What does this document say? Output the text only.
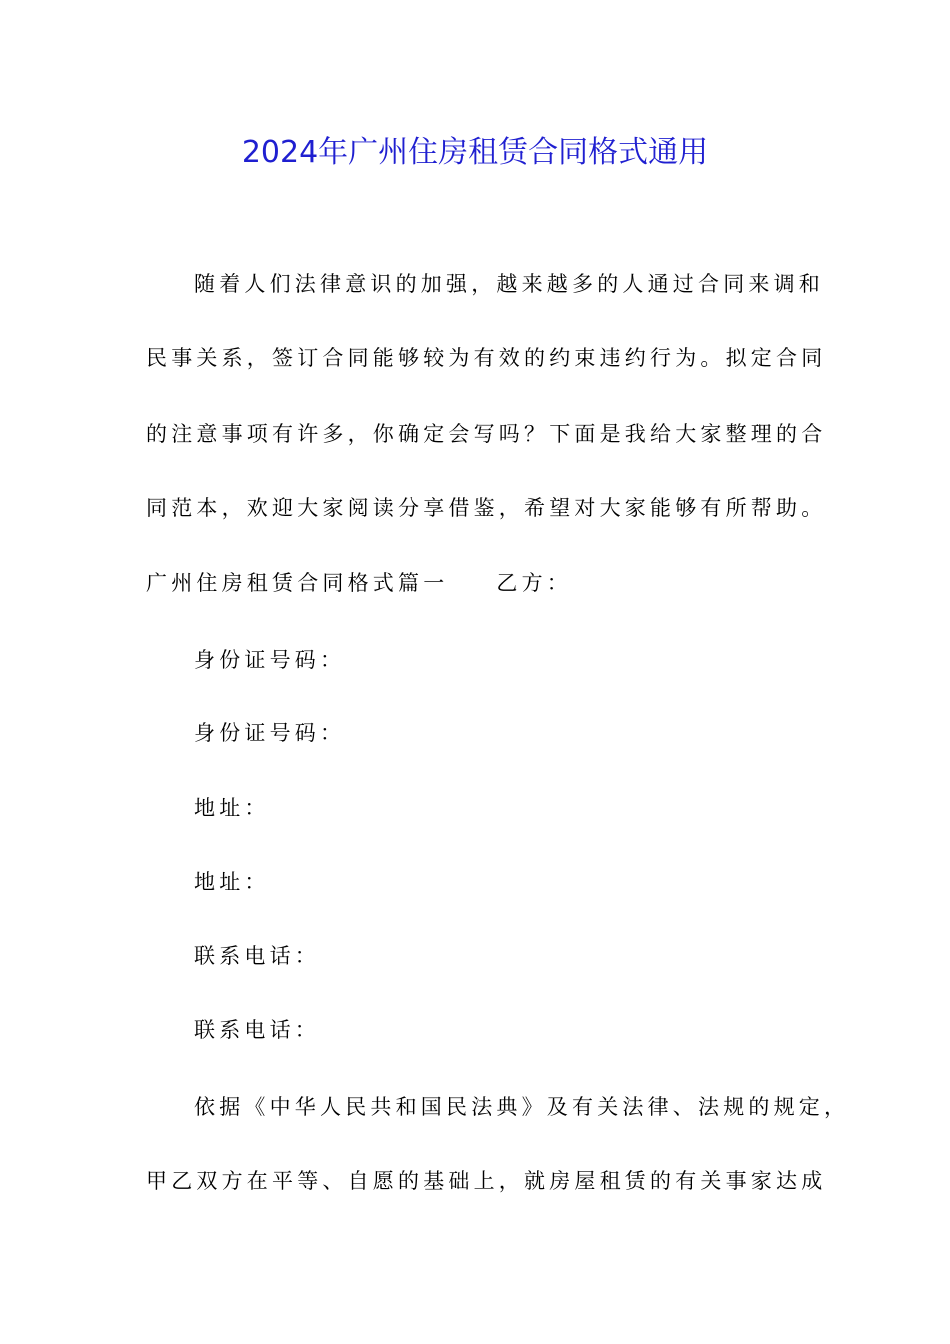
2024年广州住房租赁合同格式通用
随着人们法律意识的加强，越来越多的人通过合同来调和
民事关系，签订合同能够较为有效的约束违约行为。拟定合同
的注意事项有许多，你确定会写吗？下面是我给大家整理的合
同范本，欢迎大家阅读分享借鉴，希望对大家能够有所帮助。
广州住房租赁合同格式篇一 乙方：
身份证号码：
身份证号码：
地址：
地址：
联系电话：
联系电话：
依据《中华人民共和国民法典》及有关法律、法规的规定，
甲乙双方在平等、自愿的基础上，就房屋租赁的有关事家达成
